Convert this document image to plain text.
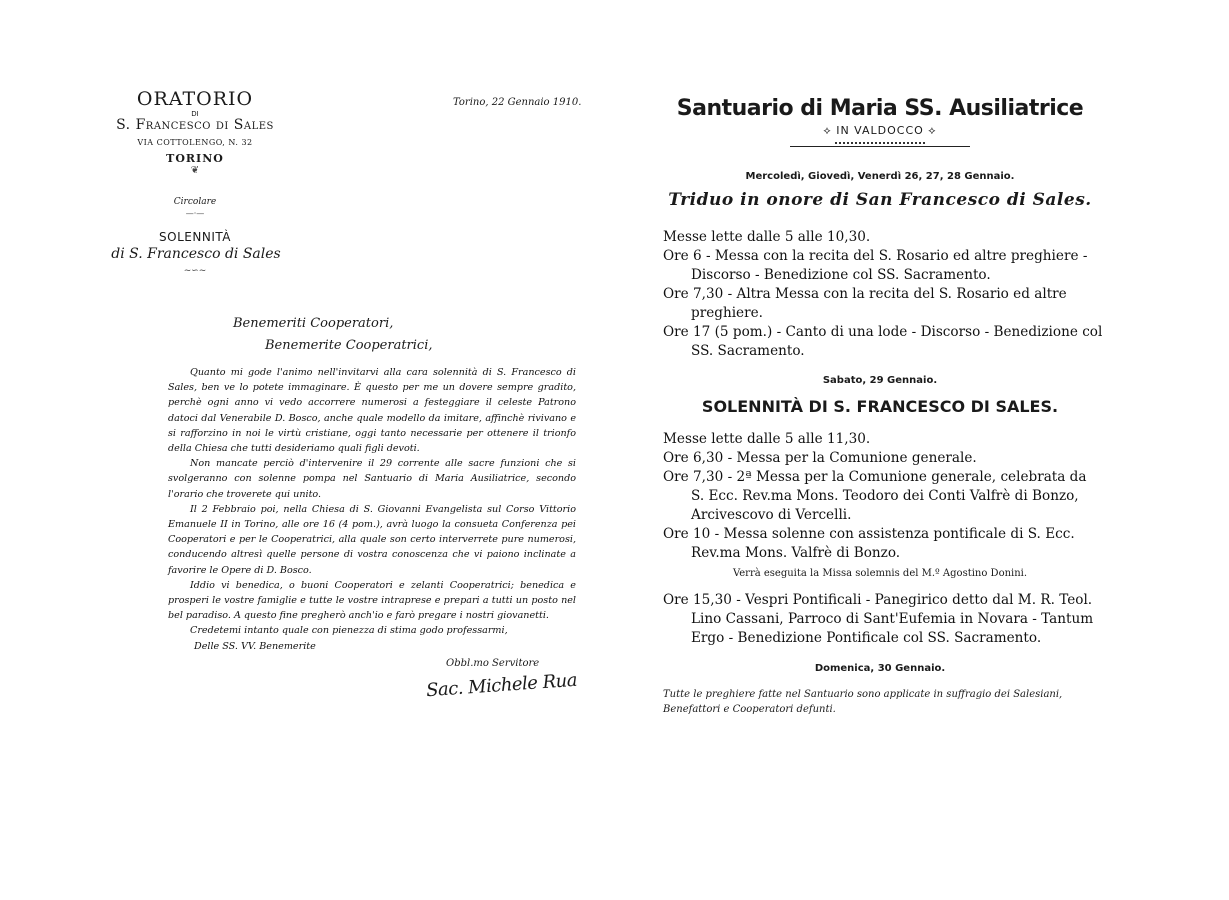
ORATORIO
DI
S. Francesco di Sales
VIA COTTOLENGO, N. 32
TORINO
❦
Circolare
—·—
SOLENNITÀ
di S. Francesco di Sales
~∽~
Torino, 22 Gennaio 1910.
Benemeriti Cooperatori,
Benemerite Cooperatrici,

Quanto mi gode l'animo nell'invitarvi alla cara solennità di S. Francesco di Sales, ben ve lo potete immaginare. È questo per me un dovere sempre gradito, perchè ogni anno vi vedo accorrere numerosi a festeggiare il celeste Patrono datoci dal Venerabile D. Bosco, anche quale modello da imitare, affinchè rivivano e si rafforzino in noi le virtù cristiane, oggi tanto necessarie per ottenere il trionfo della Chiesa che tutti desideriamo quali figli devoti.

Non mancate perciò d'intervenire il 29 corrente alle sacre funzioni che si svolgeranno con solenne pompa nel Santuario di Maria Ausiliatrice, secondo l'orario che troverete qui unito.

Il 2 Febbraio poi, nella Chiesa di S. Giovanni Evangelista sul Corso Vittorio Emanuele II in Torino, alle ore 16 (4 pom.), avrà luogo la consueta Conferenza pei Cooperatori e per le Cooperatrici, alla quale son certo interverrete pure numerosi, conducendo altresì quelle persone di vostra conoscenza che vi paiono inclinate a favorire le Opere di D. Bosco.

Iddio vi benedica, o buoni Cooperatori e zelanti Cooperatrici; benedica e prosperi le vostre famiglie e tutte le vostre intraprese e prepari a tutti un posto nel bel paradiso. A questo fine pregherò anch'io e farò pregare i nostri giovanetti.

Credetemi intanto quale con pienezza di stima godo professarmi,

Delle SS. VV. Benemerite

Obbl.mo Servitore
Sac. Michele Rua
Santuario di Maria SS. Ausiliatrice
⟡ IN VALDOCCO ⟡
Mercoledì, Giovedì, Venerdì 26, 27, 28 Gennaio.
Triduo in onore di San Francesco di Sales.

Messe lette dalle 5 alle 10,30.

Ore 6 - Messa con la recita del S. Rosario ed altre preghiere - Discorso - Benedizione col SS. Sacramento.

Ore 7,30 - Altra Messa con la recita del S. Rosario ed altre preghiere.

Ore 17 (5 pom.) - Canto di una lode - Discorso - Benedizione col SS. Sacramento.

Sabato, 29 Gennaio.
SOLENNITÀ DI S. FRANCESCO DI SALES.

Messe lette dalle 5 alle 11,30.

Ore 6,30 - Messa per la Comunione generale.

Ore 7,30 - 2ª Messa per la Comunione generale, celebrata da S. Ecc. Rev.ma Mons. Teodoro dei Conti Valfrè di Bonzo, Arcivescovo di Vercelli.

Ore 10 - Messa solenne con assistenza pontificale di S. Ecc. Rev.ma Mons. Valfrè di Bonzo.

Verrà eseguita la Missa solemnis del M.º Agostino Donini.

Ore 15,30 - Vespri Pontificali - Panegirico detto dal M. R. Teol. Lino Cassani, Parroco di Sant'Eufemia in Novara - Tantum Ergo - Benedizione Pontificale col SS. Sacramento.

Domenica, 30 Gennaio.
Tutte le preghiere fatte nel Santuario sono applicate in suffragio dei Salesiani, Benefattori e Cooperatori defunti.
